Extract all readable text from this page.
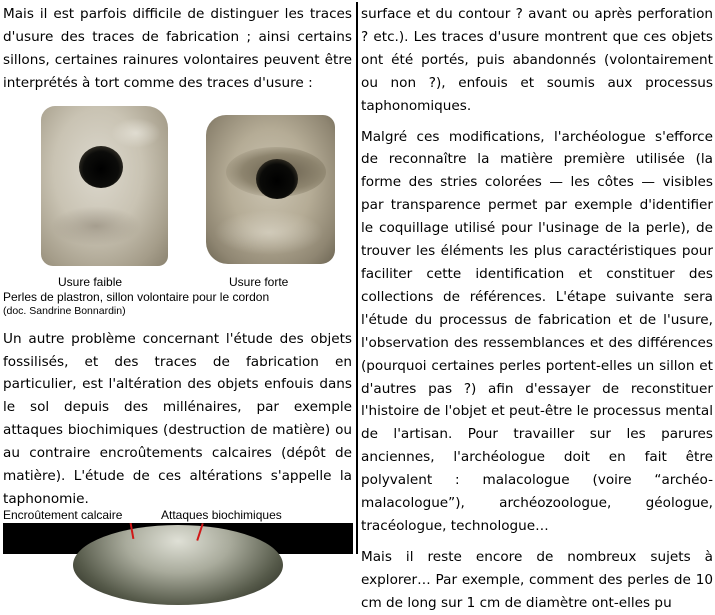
Mais il est parfois difficile de distinguer les traces d'usure des traces de fabrication ; ainsi certains sillons, certaines rainures volontaires peuvent être interprétés à tort comme des traces d'usure :

Usure faible	Usure forte
Perles de plastron, sillon volontaire pour le cordon
(doc. Sandrine Bonnardin)

Un autre problème concernant l'étude des objets fossilisés, et des traces de fabrication en particulier, est l'altération des objets enfouis dans le sol depuis des millénaires, par exemple attaques biochimiques (destruction de matière) ou au contraire encroûtements calcaires (dépôt de matière). L'étude de ces altérations s'appelle la taphonomie.

Encroûtement calcaire	Attaques biochimiques

surface et du contour ? avant ou après perforation ? etc.). Les traces d'usure montrent que ces objets ont été portés, puis abandonnés (volontairement ou non ?), enfouis et soumis aux processus taphonomiques.

Malgré ces modifications, l'archéologue s'efforce de reconnaître la matière première utilisée (la forme des stries colorées — les côtes — visibles par transparence permet par exemple d'identifier le coquillage utilisé pour l'usinage de la perle), de trouver les éléments les plus caractéristiques pour faciliter cette identification et constituer des collections de références. L'étape suivante sera l'étude du processus de fabrication et de l'usure, l'observation des ressemblances et des différences (pourquoi certaines perles portent-elles un sillon et d'autres pas ?) afin d'essayer de reconstituer l'histoire de l'objet et peut-être le processus mental de l'artisan. Pour travailler sur les parures anciennes, l'archéologue doit en fait être polyvalent : malacologue (voire “archéo-malacologue”), archéozoologue, géologue, tracéologue, technologue…

Mais il reste encore de nombreux sujets à explorer… Par exemple, comment des perles de 10 cm de long sur 1 cm de diamètre ont-elles pu
